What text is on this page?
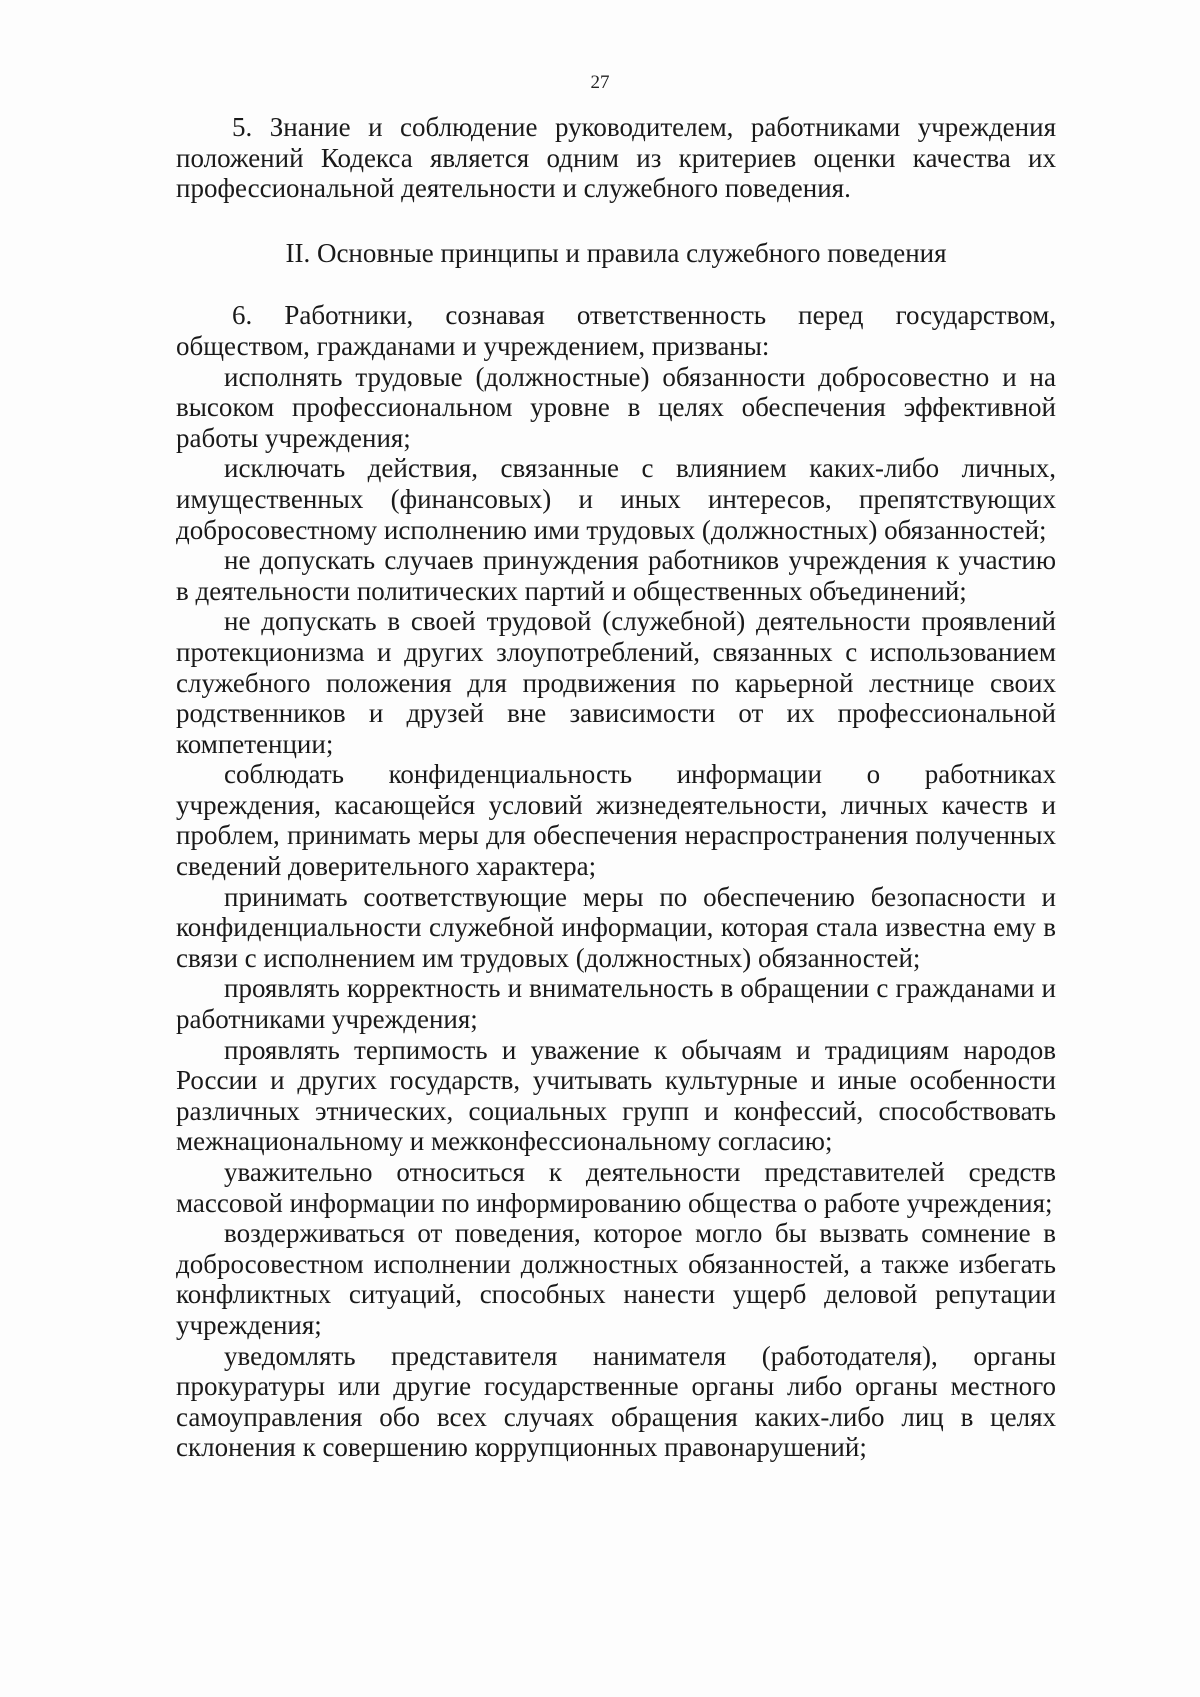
27

5. Знание и соблюдение руководителем, работниками учреждения положений Кодекса является одним из критериев оценки качества их профессиональной деятельности и служебного поведения.

II. Основные принципы и правила служебного поведения

6. Работники, сознавая ответственность перед государством, обществом, гражданами и учреждением, призваны:

исполнять трудовые (должностные) обязанности добросовестно и на высоком профессиональном уровне в целях обеспечения эффективной работы учреждения;

исключать действия, связанные с влиянием каких-либо личных, имущественных (финансовых) и иных интересов, препятствующих добросовестному исполнению ими трудовых (должностных) обязанностей;

не допускать случаев принуждения работников учреждения к участию в деятельности политических партий и общественных объединений;

не допускать в своей трудовой (служебной) деятельности проявлений протекционизма и других злоупотреблений, связанных с использованием служебного положения для продвижения по карьерной лестнице своих родственников и друзей вне зависимости от их профессиональной компетенции;

соблюдать конфиденциальность информации о работниках учреждения, касающейся условий жизнедеятельности, личных качеств и проблем, принимать меры для обеспечения нераспространения полученных сведений доверительного характера;

принимать соответствующие меры по обеспечению безопасности и конфиденциальности служебной информации, которая стала известна ему в связи с исполнением им трудовых (должностных) обязанностей;

проявлять корректность и внимательность в обращении с гражданами и работниками учреждения;

проявлять терпимость и уважение к обычаям и традициям народов России и других государств, учитывать культурные и иные особенности различных этнических, социальных групп и конфессий, способствовать межнациональному и межконфессиональному согласию;

уважительно относиться к деятельности представителей средств массовой информации по информированию общества о работе учреждения;

воздерживаться от поведения, которое могло бы вызвать сомнение в добросовестном исполнении должностных обязанностей, а также избегать конфликтных ситуаций, способных нанести ущерб деловой репутации учреждения;

уведомлять представителя нанимателя (работодателя), органы прокуратуры или другие государственные органы либо органы местного самоуправления обо всех случаях обращения каких-либо лиц в целях склонения к совершению коррупционных правонарушений;
